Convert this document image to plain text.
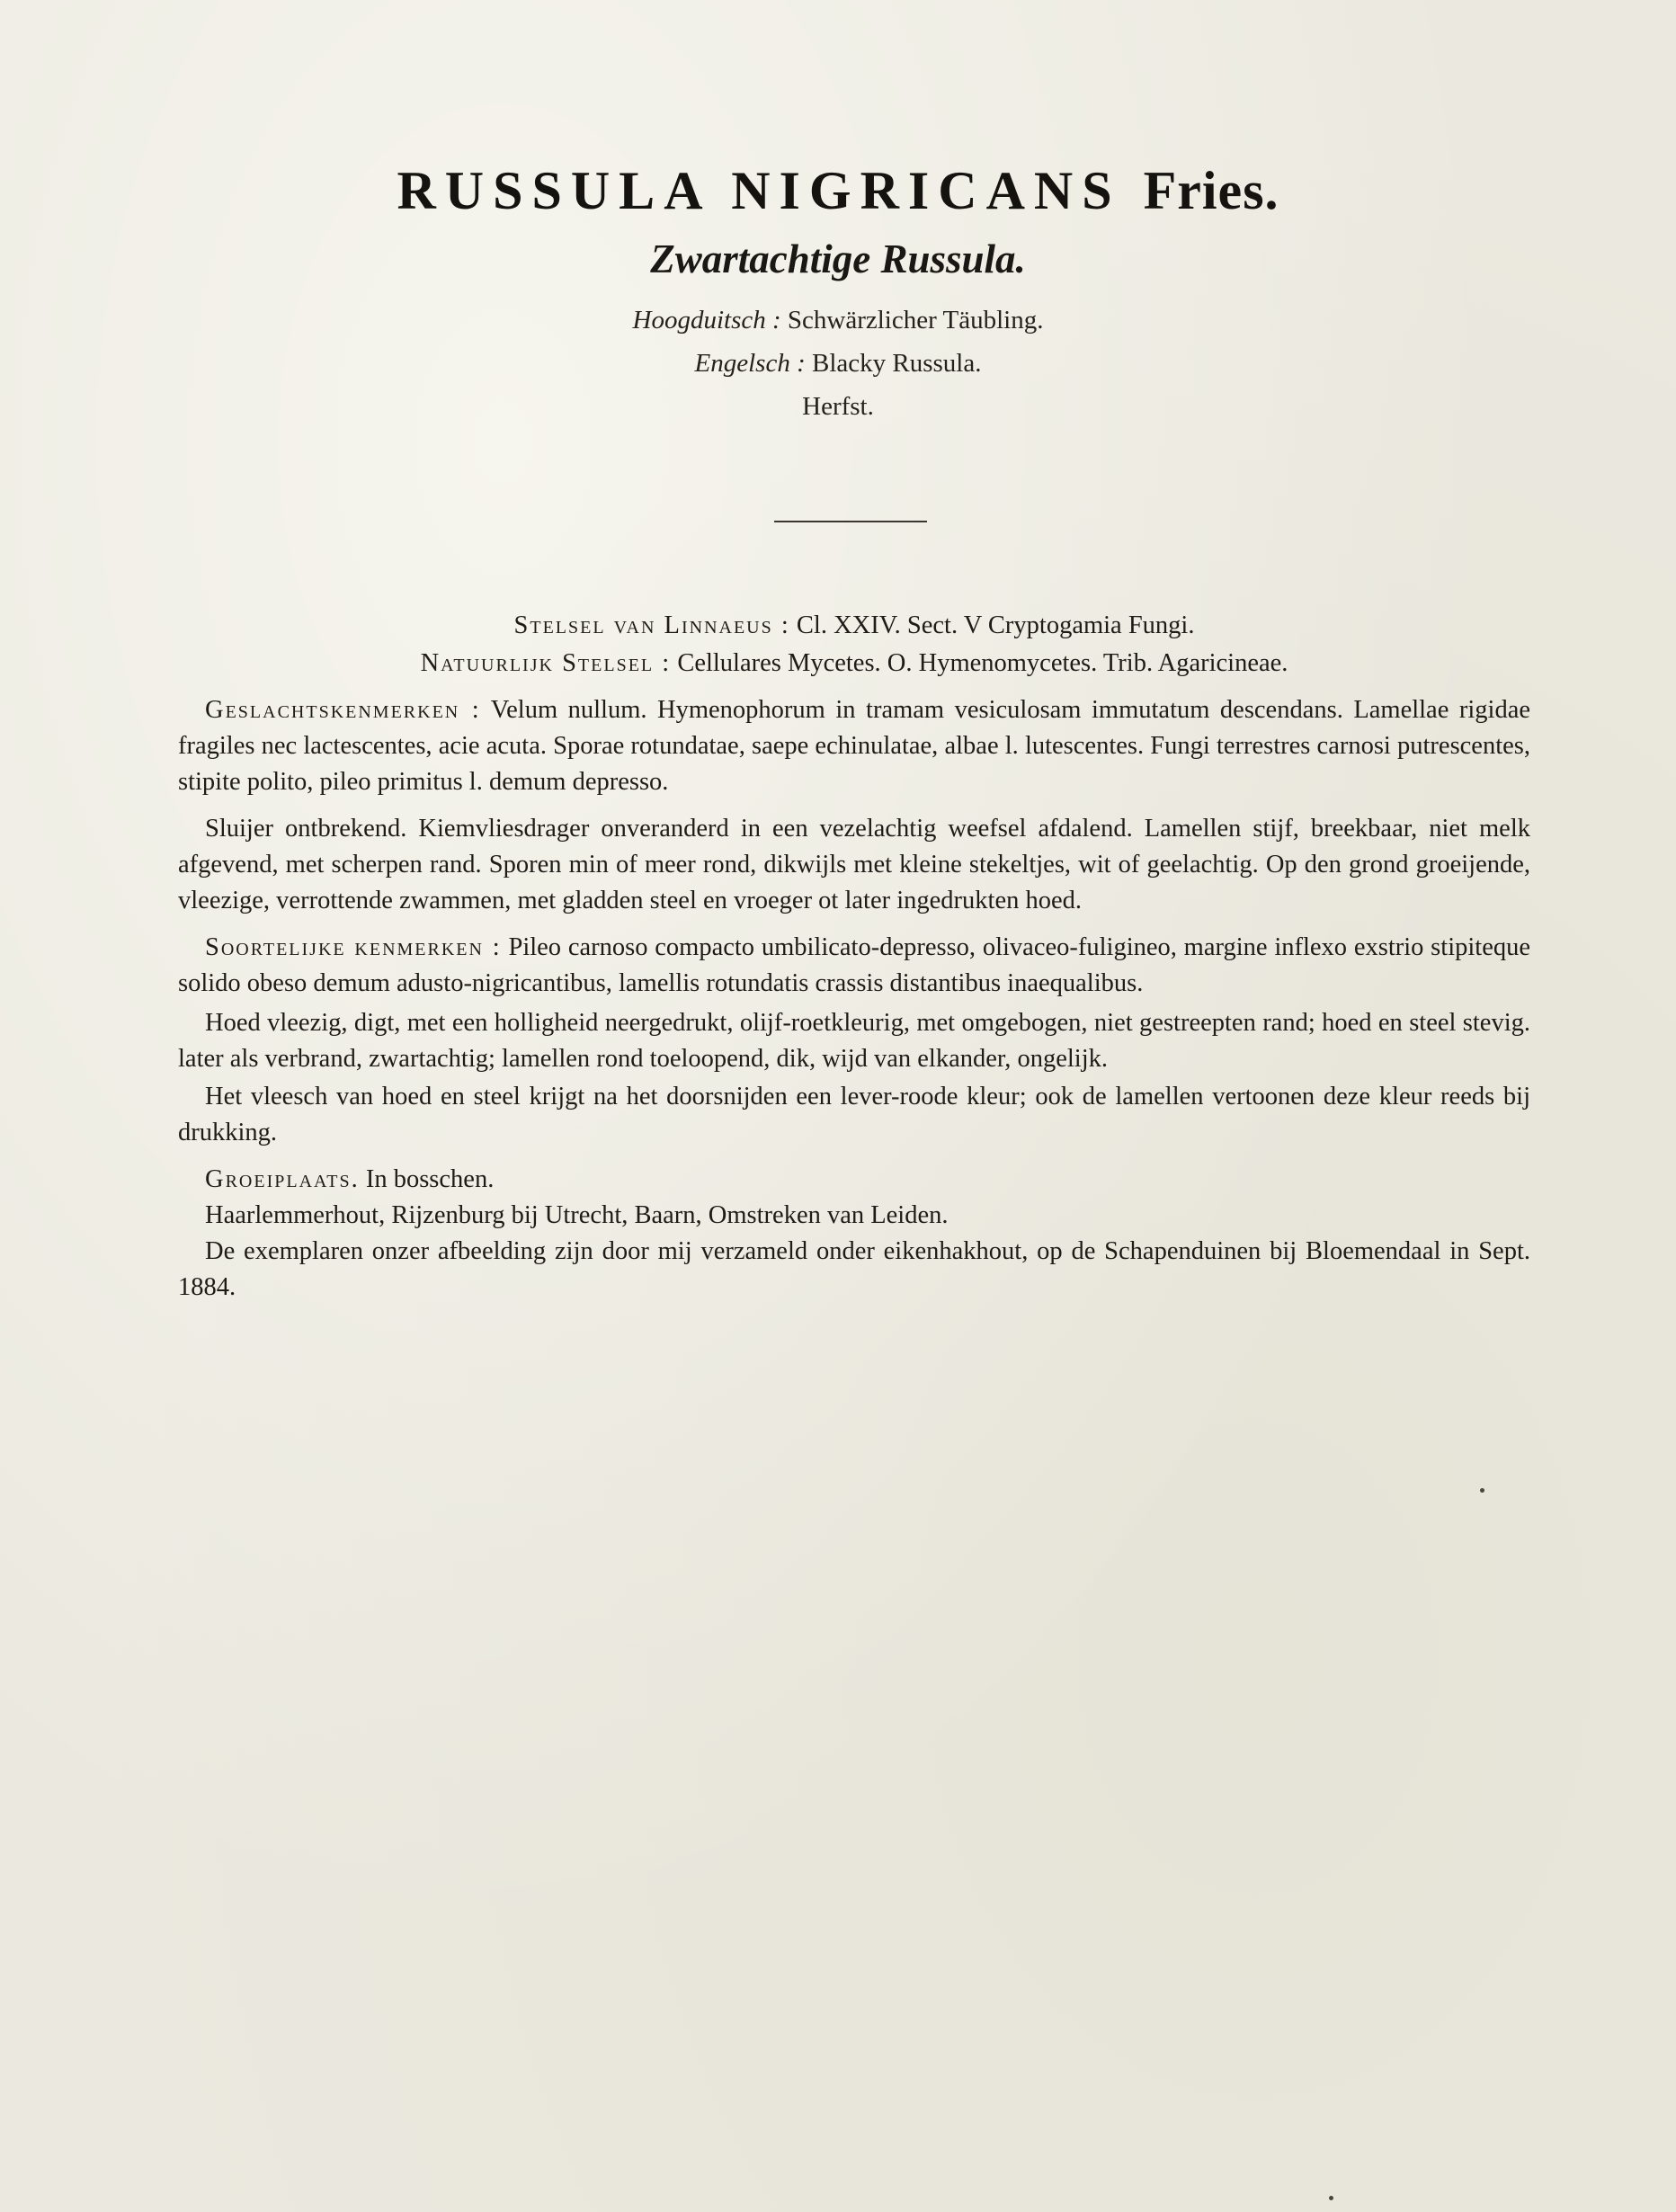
RUSSULA NIGRICANS Fries.
Zwartachtige Russula.
Hoogduitsch : Schwärzlicher Täubling.
Engelsch : Blacky Russula.
Herfst.
Stelsel van Linnaeus : Cl. XXIV. Sect. V Cryptogamia Fungi.
Natuurlijk Stelsel : Cellulares Mycetes. O. Hymenomycetes. Trib. Agaricineae.

Geslachtskenmerken : Velum nullum. Hymenophorum in tramam vesiculosam immutatum descendans. Lamellae rigidae fragiles nec lactescentes, acie acuta. Sporae rotundatae, saepe echinulatae, albae l. lutescentes. Fungi terrestres carnosi putrescentes, stipite polito, pileo primitus l. demum depresso.

Sluijer ontbrekend. Kiemvliesdrager onveranderd in een vezelachtig weefsel afdalend. Lamellen stijf, breekbaar, niet melk afgevend, met scherpen rand. Sporen min of meer rond, dikwijls met kleine stekeltjes, wit of geelachtig. Op den grond groeijende, vleezige, verrottende zwammen, met gladden steel en vroeger ot later ingedrukten hoed.

Soortelijke kenmerken : Pileo carnoso compacto umbilicato-depresso, olivaceo-fuligineo, margine inflexo exstrio stipiteque solido obeso demum adusto-nigricantibus, lamellis rotundatis crassis distantibus inaequalibus.

Hoed vleezig, digt, met een holligheid neergedrukt, olijf-roetkleurig, met omgebogen, niet gestreepten rand; hoed en steel stevig. later als verbrand, zwartachtig; lamellen rond toeloopend, dik, wijd van elkander, ongelijk.

Het vleesch van hoed en steel krijgt na het doorsnijden een lever-roode kleur; ook de lamellen vertoonen deze kleur reeds bij drukking.

Groeiplaats. In bosschen.

Haarlemmerhout, Rijzenburg bij Utrecht, Baarn, Omstreken van Leiden.

De exemplaren onzer afbeelding zijn door mij verzameld onder eikenhakhout, op de Schapenduinen bij Bloemendaal in Sept. 1884.
